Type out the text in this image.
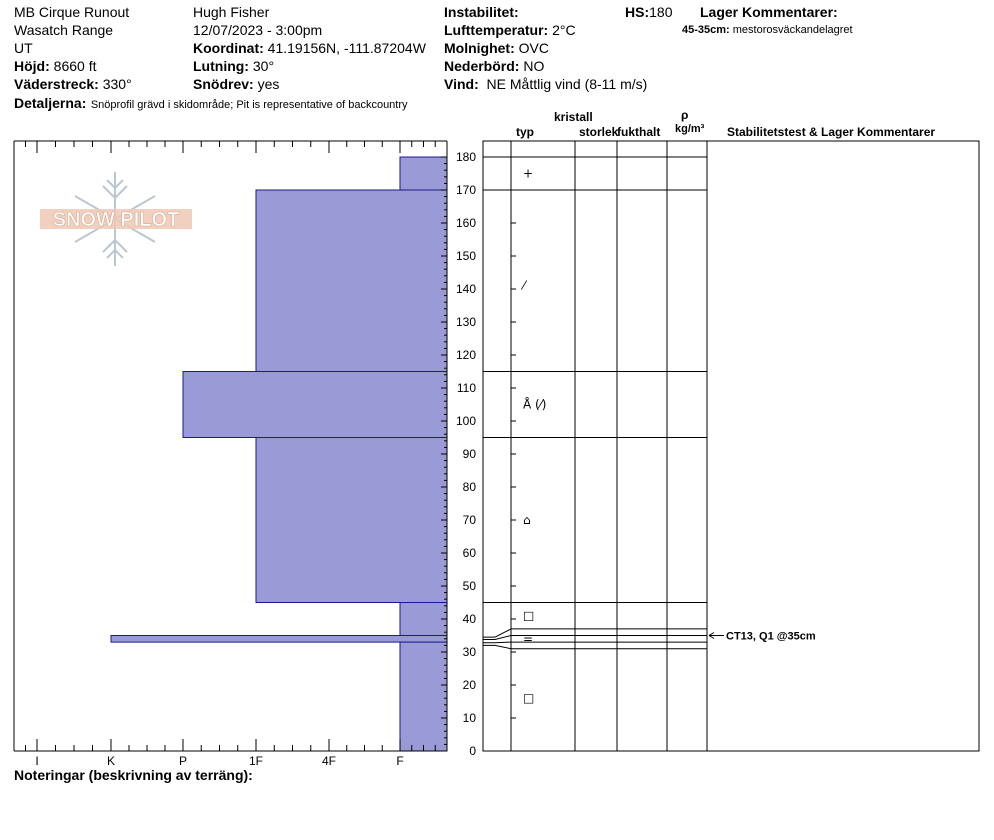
MB Cirque Runout
Wasatch Range
UT
Höjd: 8660 ft
Väderstreck: 330°
Hugh Fisher
12/07/2023 - 3:00pm
Koordinat: 41.19156N, -111.87204W
Lutning: 30°
Snödrev: yes
Instabilitet:
Lufttemperatur: 2°C
Molnighet: OVC
Nederbörd: NO
Vind: NE Måttlig vind (8-11 m/s)
HS:180 Lager Kommentarer:
45-35cm: mestorosväckandelagret
Detaljerna: Snöprofil grävd i skidområde; Pit is representative of backcountry
kristall
typ	storlek
fukthalt
ρ
kg/m³ Stabilitetstest & Lager Kommentarer
SNOW PILOT
I	K	P	1F	4F	F
0
10
20
30
40
50
60
70
80
90
100
110
120
130
140
150
160
170
180
+
⁄
Å (⁄)
⌂
□
=
□
CT13, Q1 @35cm
Noteringar (beskrivning av terräng):
